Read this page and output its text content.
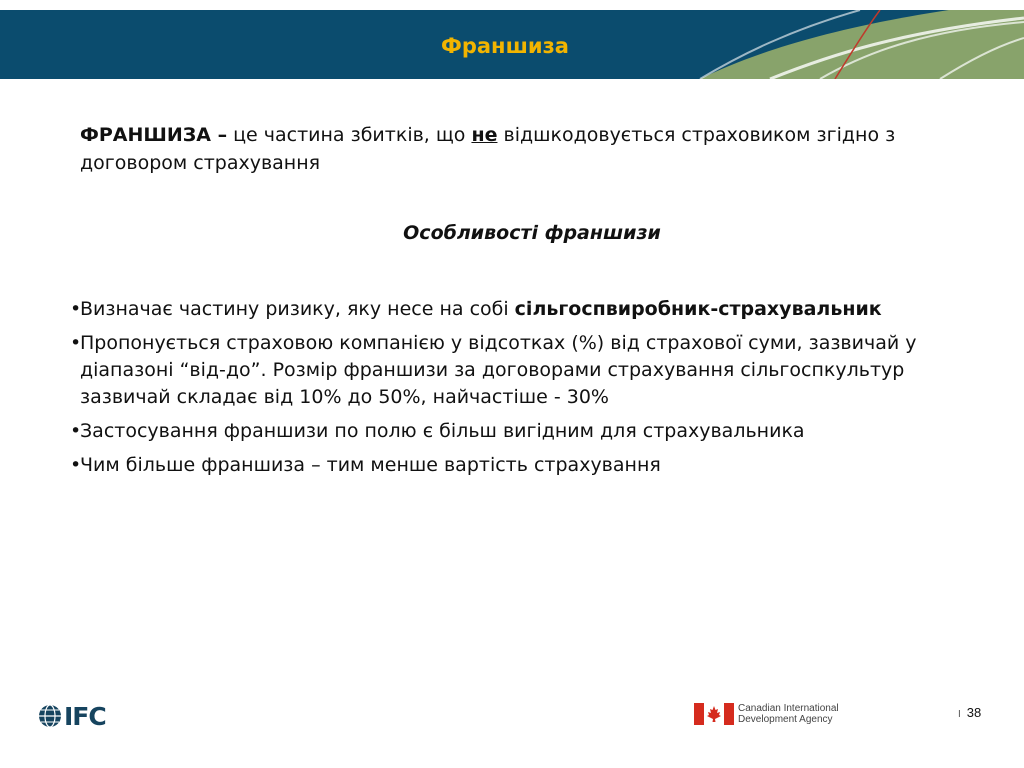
Франшиза
ФРАНШИЗА – це частина збитків, що не відшкодовується страховиком згідно з договором страхування
Особливості франшизи
•
Визначає частину ризику, яку несе на собі сільгоспвиробник-страхувальник
•
Пропонується страховою компанією у відсотках (%) від страхової суми, зазвичай у діапазоні “від-до”. Розмір франшизи за договорами страхування сільгоспкультур зазвичай складає від 10% до 50%, найчастіше - 30%
•
Застосування франшизи по полю є більш вигідним для страхувальника
•
Чим більше франшиза – тим менше вартість страхування
IFC	Canadian International
Development Agency	I 38
